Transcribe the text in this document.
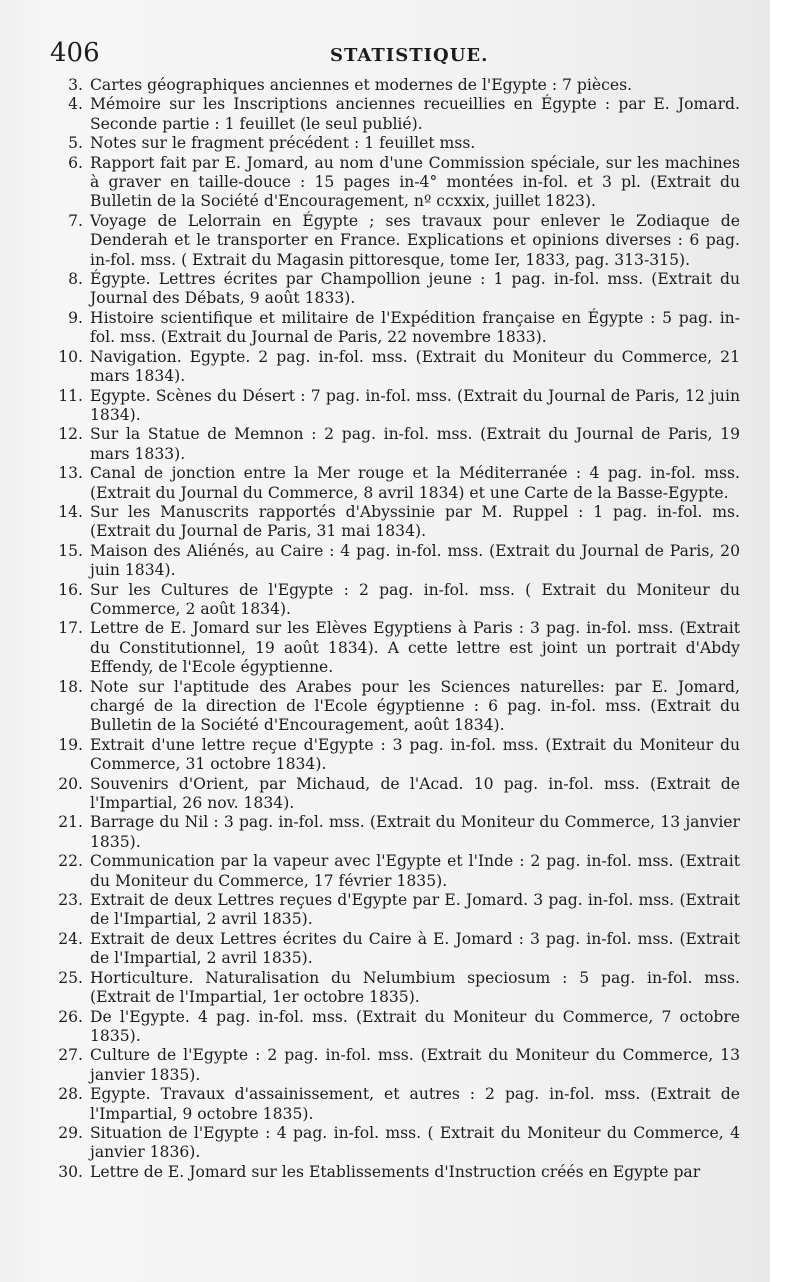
406	STATISTIQUE.
3. Cartes géographiques anciennes et modernes de l'Egypte : 7 pièces.
4. Mémoire sur les Inscriptions anciennes recueillies en Égypte : par E. Jomard. Seconde partie : 1 feuillet (le seul publié).
5. Notes sur le fragment précédent : 1 feuillet mss.
6. Rapport fait par E. Jomard, au nom d'une Commission spéciale, sur les machines à graver en taille-douce : 15 pages in-4° montées in-fol. et 3 pl. (Extrait du Bulletin de la Société d'Encouragement, nº ccxxix, juillet 1823).
7. Voyage de Lelorrain en Égypte ; ses travaux pour enlever le Zodiaque de Denderah et le transporter en France. Explications et opinions diverses : 6 pag. in-fol. mss. ( Extrait du Magasin pittoresque, tome Ier, 1833, pag. 313-315).
8. Égypte. Lettres écrites par Champollion jeune : 1 pag. in-fol. mss. (Extrait du Journal des Débats, 9 août 1833).
9. Histoire scientifique et militaire de l'Expédition française en Égypte : 5 pag. in-fol. mss. (Extrait du Journal de Paris, 22 novembre 1833).
10. Navigation. Egypte. 2 pag. in-fol. mss. (Extrait du Moniteur du Commerce, 21 mars 1834).
11. Egypte. Scènes du Désert : 7 pag. in-fol. mss. (Extrait du Journal de Paris, 12 juin 1834).
12. Sur la Statue de Memnon : 2 pag. in-fol. mss. (Extrait du Journal de Paris, 19 mars 1833).
13. Canal de jonction entre la Mer rouge et la Méditerranée : 4 pag. in-fol. mss. (Extrait du Journal du Commerce, 8 avril 1834) et une Carte de la Basse-Egypte.
14. Sur les Manuscrits rapportés d'Abyssinie par M. Ruppel : 1 pag. in-fol. ms. (Extrait du Journal de Paris, 31 mai 1834).
15. Maison des Aliénés, au Caire : 4 pag. in-fol. mss. (Extrait du Journal de Paris, 20 juin 1834).
16. Sur les Cultures de l'Egypte : 2 pag. in-fol. mss. ( Extrait du Moniteur du Commerce, 2 août 1834).
17. Lettre de E. Jomard sur les Elèves Egyptiens à Paris : 3 pag. in-fol. mss. (Extrait du Constitutionnel, 19 août 1834). A cette lettre est joint un portrait d'Abdy Effendy, de l'Ecole égyptienne.
18. Note sur l'aptitude des Arabes pour les Sciences naturelles: par E. Jomard, chargé de la direction de l'Ecole égyptienne : 6 pag. in-fol. mss. (Extrait du Bulletin de la Société d'Encouragement, août 1834).
19. Extrait d'une lettre reçue d'Egypte : 3 pag. in-fol. mss. (Extrait du Moniteur du Commerce, 31 octobre 1834).
20. Souvenirs d'Orient, par Michaud, de l'Acad. 10 pag. in-fol. mss. (Extrait de l'Impartial, 26 nov. 1834).
21. Barrage du Nil : 3 pag. in-fol. mss. (Extrait du Moniteur du Commerce, 13 janvier 1835).
22. Communication par la vapeur avec l'Egypte et l'Inde : 2 pag. in-fol. mss. (Extrait du Moniteur du Commerce, 17 février 1835).
23. Extrait de deux Lettres reçues d'Egypte par E. Jomard. 3 pag. in-fol. mss. (Extrait de l'Impartial, 2 avril 1835).
24. Extrait de deux Lettres écrites du Caire à E. Jomard : 3 pag. in-fol. mss. (Extrait de l'Impartial, 2 avril 1835).
25. Horticulture. Naturalisation du Nelumbium speciosum : 5 pag. in-fol. mss. (Extrait de l'Impartial, 1er octobre 1835).
26. De l'Egypte. 4 pag. in-fol. mss. (Extrait du Moniteur du Commerce, 7 octobre 1835).
27. Culture de l'Egypte : 2 pag. in-fol. mss. (Extrait du Moniteur du Commerce, 13 janvier 1835).
28. Egypte. Travaux d'assainissement, et autres : 2 pag. in-fol. mss. (Extrait de l'Impartial, 9 octobre 1835).
29. Situation de l'Egypte : 4 pag. in-fol. mss. ( Extrait du Moniteur du Commerce, 4 janvier 1836).
30. Lettre de E. Jomard sur les Etablissements d'Instruction créés en Egypte par
